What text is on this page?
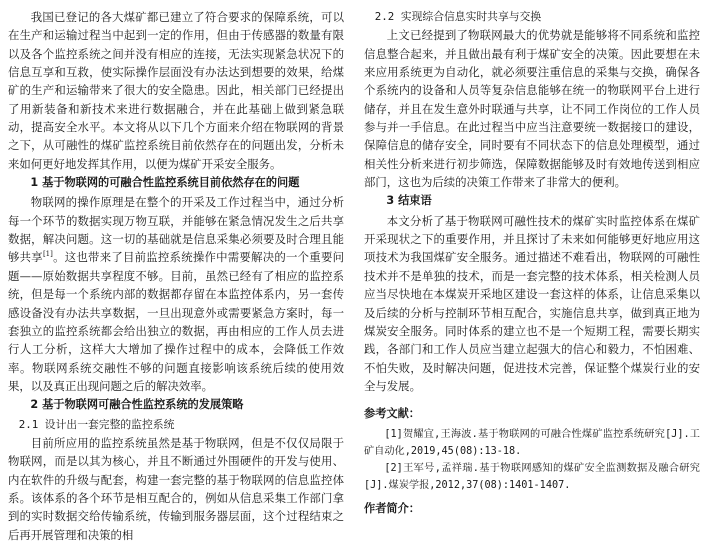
我国已登记的各大煤矿都已建立了符合要求的保障系统，可以在生产和运输过程当中起到一定的作用，但由于传感器的数量有限以及各个监控系统之间并没有相应的连接，无法实现紧急状况下的信息互享和互救，使实际操作层面没有办法达到想要的效果，给煤矿的生产和运输带来了很大的安全隐患。因此，相关部门已经提出了用新装备和新技术来进行数据融合，并在此基础上做到紧急联动，提高安全水平。本文将从以下几个方面来介绍在物联网的背景之下，从可融性的煤矿监控系统目前依然存在的问题出发，分析未来如何更好地发挥其作用，以便为煤矿开采安全服务。

1 基于物联网的可融合性监控系统目前依然存在的问题

物联网的操作原理是在整个的开采及工作过程当中，通过分析每一个环节的数据实现万物互联，并能够在紧急情况发生之后共享数据，解决问题。这一切的基础就是信息采集必须要及时合理且能够共享[1]。这也带来了目前监控系统操作中需要解决的一个重要问题——原始数据共享程度不够。目前，虽然已经有了相应的监控系统，但是每一个系统内部的数据都存留在本监控体系内，另一套传感设备没有办法共享数据，一旦出现意外或需要紧急方案时，每一套独立的监控系统都会给出独立的数据，再由相应的工作人员去进行人工分析，这样大大增加了操作过程中的成本，会降低工作效率。物联网系统交融性不够的问题直接影响该系统后续的使用效果，以及真正出现问题之后的解决效率。

2 基于物联网可融合性监控系统的发展策略

2.1 设计出一套完整的监控系统

目前所应用的监控系统虽然是基于物联网，但是不仅仅局限于物联网，而是以其为核心，并且不断通过外围硬件的开发与使用、内在软件的升级与配套，构建一套完整的基于物联网的信息监控体系。该体系的各个环节是相互配合的，例如从信息采集工作部门拿到的实时数据交给传输系统，传输到服务器层面，这个过程结束之后再开展管理和决策的相

2.2 实现综合信息实时共享与交换

上文已经提到了物联网最大的优势就是能够将不同系统和监控信息整合起来，并且做出最有利于煤矿安全的决策。因此要想在未来应用系统更为自动化，就必须要注重信息的采集与交换，确保各个系统内的设备和人员等复杂信息能够在统一的物联网平台上进行储存，并且在发生意外时联通与共享，让不同工作岗位的工作人员参与并一手信息。在此过程当中应当注意要统一数据接口的建设，保障信息的储存安全，同时要有不同状态下的信息处理模型，通过相关性分析来进行初步筛选，保障数据能够及时有效地传送到相应部门，这也为后续的决策工作带来了非常大的便利。

3 结束语

本文分析了基于物联网可融性技术的煤矿实时监控体系在煤矿开采现状之下的重要作用，并且探讨了未来如何能够更好地应用这项技术为我国煤矿安全服务。通过描述不难看出，物联网的可融性技术并不是单独的技术，而是一套完整的技术体系，相关检测人员应当尽快地在本煤炭开采地区建设一套这样的体系，让信息采集以及后续的分析与控制环节相互配合，实施信息共享，做到真正地为煤炭安全服务。同时体系的建立也不是一个短期工程，需要长期实践，各部门和工作人员应当建立起强大的信心和毅力，不怕困难、不怕失败，及时解决问题，促进技术完善，保证整个煤炭行业的安全与发展。

参考文献：

[1]贺耀宜,王海波.基于物联网的可融合性煤矿监控系统研究[J].工矿自动化,2019,45(08):13-18.

[2]王军号,孟祥瑞.基于物联网感知的煤矿安全监测数据及融合研究[J].煤炭学报,2012,37(08):1401-1407.

作者简介：
